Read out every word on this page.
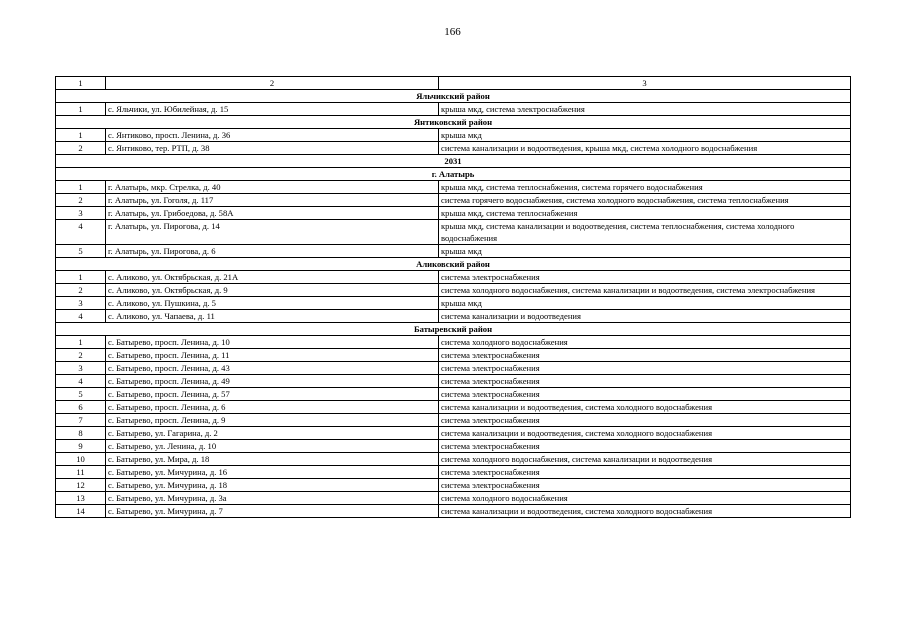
166
1	2	3
Яльчикский район		
1	с. Яльчики, ул. Юбилейная, д. 15	крыша мкд, система электроснабжения
Янтиковский район		
1	с. Янтиково, просп. Ленина, д. 36	крыша мкд
2	с. Янтиково, тер. РТП, д. 38	система канализации и водоотведения, крыша мкд, система холодного водоснабжения
2031		
г. Алатырь		
1	г. Алатырь, мкр. Стрелка, д. 40	крыша мкд, система теплоснабжения, система горячего водоснабжения
2	г. Алатырь, ул. Гоголя, д. 117	система горячего водоснабжения, система холодного водоснабжения, система теплоснабжения
3	г. Алатырь, ул. Грибоедова, д. 58А	крыша мкд, система теплоснабжения
4	г. Алатырь, ул. Пирогова, д. 14	крыша мкд, система канализации и водоотведения, система теплоснабжения, система холодного водоснабжения
5	г. Алатырь, ул. Пирогова, д. 6	крыша мкд
Аликовский район		
1	с. Аликово, ул. Октябрьская, д. 21А	система электроснабжения
2	с. Аликово, ул. Октябрьская, д. 9	система холодного водоснабжения, система канализации и водоотведения, система электроснабжения
3	с. Аликово, ул. Пушкина, д. 5	крыша мкд
4	с. Аликово, ул. Чапаева, д. 11	система канализации и водоотведения
Батыревский район		
1	с. Батырево, просп. Ленина, д. 10	система холодного водоснабжения
2	с. Батырево, просп. Ленина, д. 11	система электроснабжения
3	с. Батырево, просп. Ленина, д. 43	система электроснабжения
4	с. Батырево, просп. Ленина, д. 49	система электроснабжения
5	с. Батырево, просп. Ленина, д. 57	система электроснабжения
6	с. Батырево, просп. Ленина, д. 6	система канализации и водоотведения, система холодного водоснабжения
7	с. Батырево, просп. Ленина, д. 9	система электроснабжения
8	с. Батырево, ул. Гагарина, д. 2	система канализации и водоотведения, система холодного водоснабжения
9	с. Батырево, ул. Ленина, д. 10	система электроснабжения
10	с. Батырево, ул. Мира, д. 18	система холодного водоснабжения, система канализации и водоотведения
11	с. Батырево, ул. Мичурина, д. 16	система электроснабжения
12	с. Батырево, ул. Мичурина, д. 18	система электроснабжения
13	с. Батырево, ул. Мичурина, д. 3а	система холодного водоснабжения
14	с. Батырево, ул. Мичурина, д. 7	система канализации и водоотведения, система холодного водоснабжения
